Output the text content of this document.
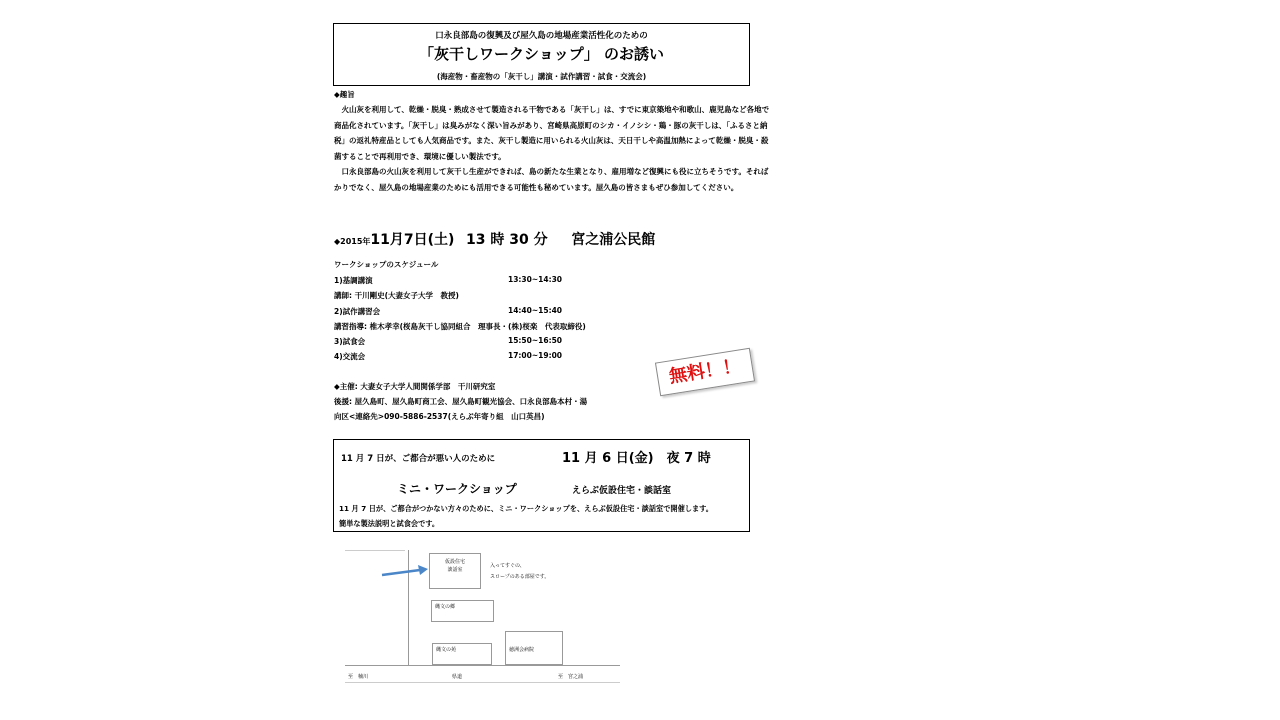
口永良部島の復興及び屋久島の地場産業活性化のための
「灰干しワークショップ」 のお誘い
(海産物・畜産物の「灰干し」講演・試作講習・試食・交流会)
◆趣旨

火山灰を利用して、乾燥・脱臭・熟成させて製造される干物である「灰干し」は、すでに東京築地や和歌山、鹿児島など各地で商品化されています。「灰干し」は臭みがなく深い旨みがあり、宮崎県高原町のシカ・イノシシ・鶏・豚の灰干しは、「ふるさと納税」の返礼特産品としても人気商品です。また、灰干し製造に用いられる火山灰は、天日干しや高温加熱によって乾燥・脱臭・殺菌することで再利用でき、環境に優しい製法です。

口永良部島の火山灰を利用して灰干し生産ができれば、島の新たな生業となり、雇用増など復興にも役に立ちそうです。そればかりでなく、屋久島の地場産業のためにも活用できる可能性も秘めています。屋久島の皆さまもぜひ参加してください。

◆2015年11月7日(土) 13 時 30 分 宮之浦公民館
ワークショップのスケジュール
1)基調講演	13:30~14:30
講師: 干川剛史(大妻女子大学　教授)
2)試作講習会	14:40~15:40
講習指導: 椎木孝幸(桜島灰干し協同組合　理事長・(株)桜楽　代表取締役)
3)試食会	15:50~16:50
4)交流会	17:00~19:00
◆主催: 大妻女子大学人間関係学部　干川研究室
後援: 屋久島町、屋久島町商工会、屋久島町観光協会、口永良部島本村・湯
向区<連絡先>090-5886-2537(えらぶ年寄り組　山口英昌)
無料！！
11 月 7 日が、ご都合が悪い人のために	11 月 6 日(金)　夜 7 時
ミニ・ワークショップ	えらぶ仮設住宅・談話室
11 月 7 日が、ご都合がつかない方々のために、ミニ・ワークショップを、えらぶ仮設住宅・談話室で開催します。
簡単な製法説明と試食会です。
仮設住宅
談話室
入ってすぐの、
スロープのある部屋です。
縄文の郷
縄文の苑	徳洲会病院
至　楠川	県道	至　宮之浦
